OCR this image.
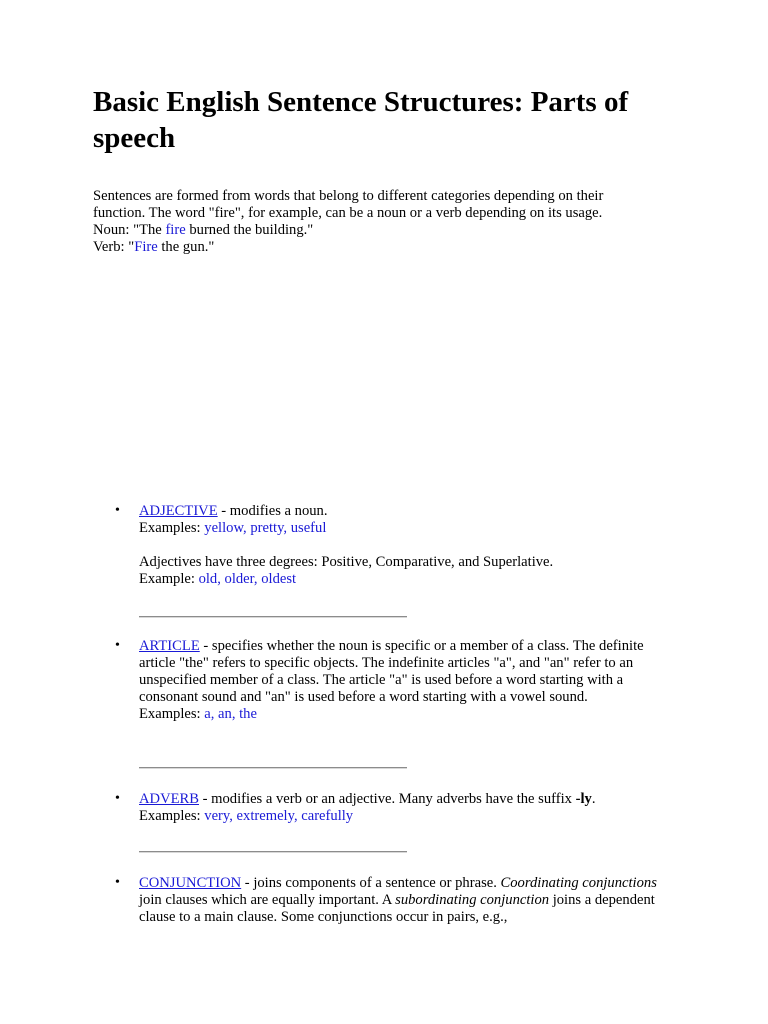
Basic English Sentence Structures: Parts of speech

Sentences are formed from words that belong to different categories depending on their function. The word "fire", for example, can be a noun or a verb depending on its usage.

Noun: "The fire burned the building."

Verb: "Fire the gun."

• ADJECTIVE - modifies a noun.

Examples: yellow, pretty, useful

Adjectives have three degrees: Positive, Comparative, and Superlative.

Example: old, older, oldest

• ARTICLE - specifies whether the noun is specific or a member of a class. The definite article "the" refers to specific objects. The indefinite articles "a", and "an" refer to an unspecified member of a class. The article "a" is used before a word starting with a consonant sound and "an" is used before a word starting with a vowel sound.

Examples: a, an, the

• ADVERB - modifies a verb or an adjective. Many adverbs have the suffix -ly.

Examples: very, extremely, carefully

• CONJUNCTION - joins components of a sentence or phrase. Coordinating conjunctions join clauses which are equally important. A subordinating conjunction joins a dependent clause to a main clause. Some conjunctions occur in pairs, e.g.,
